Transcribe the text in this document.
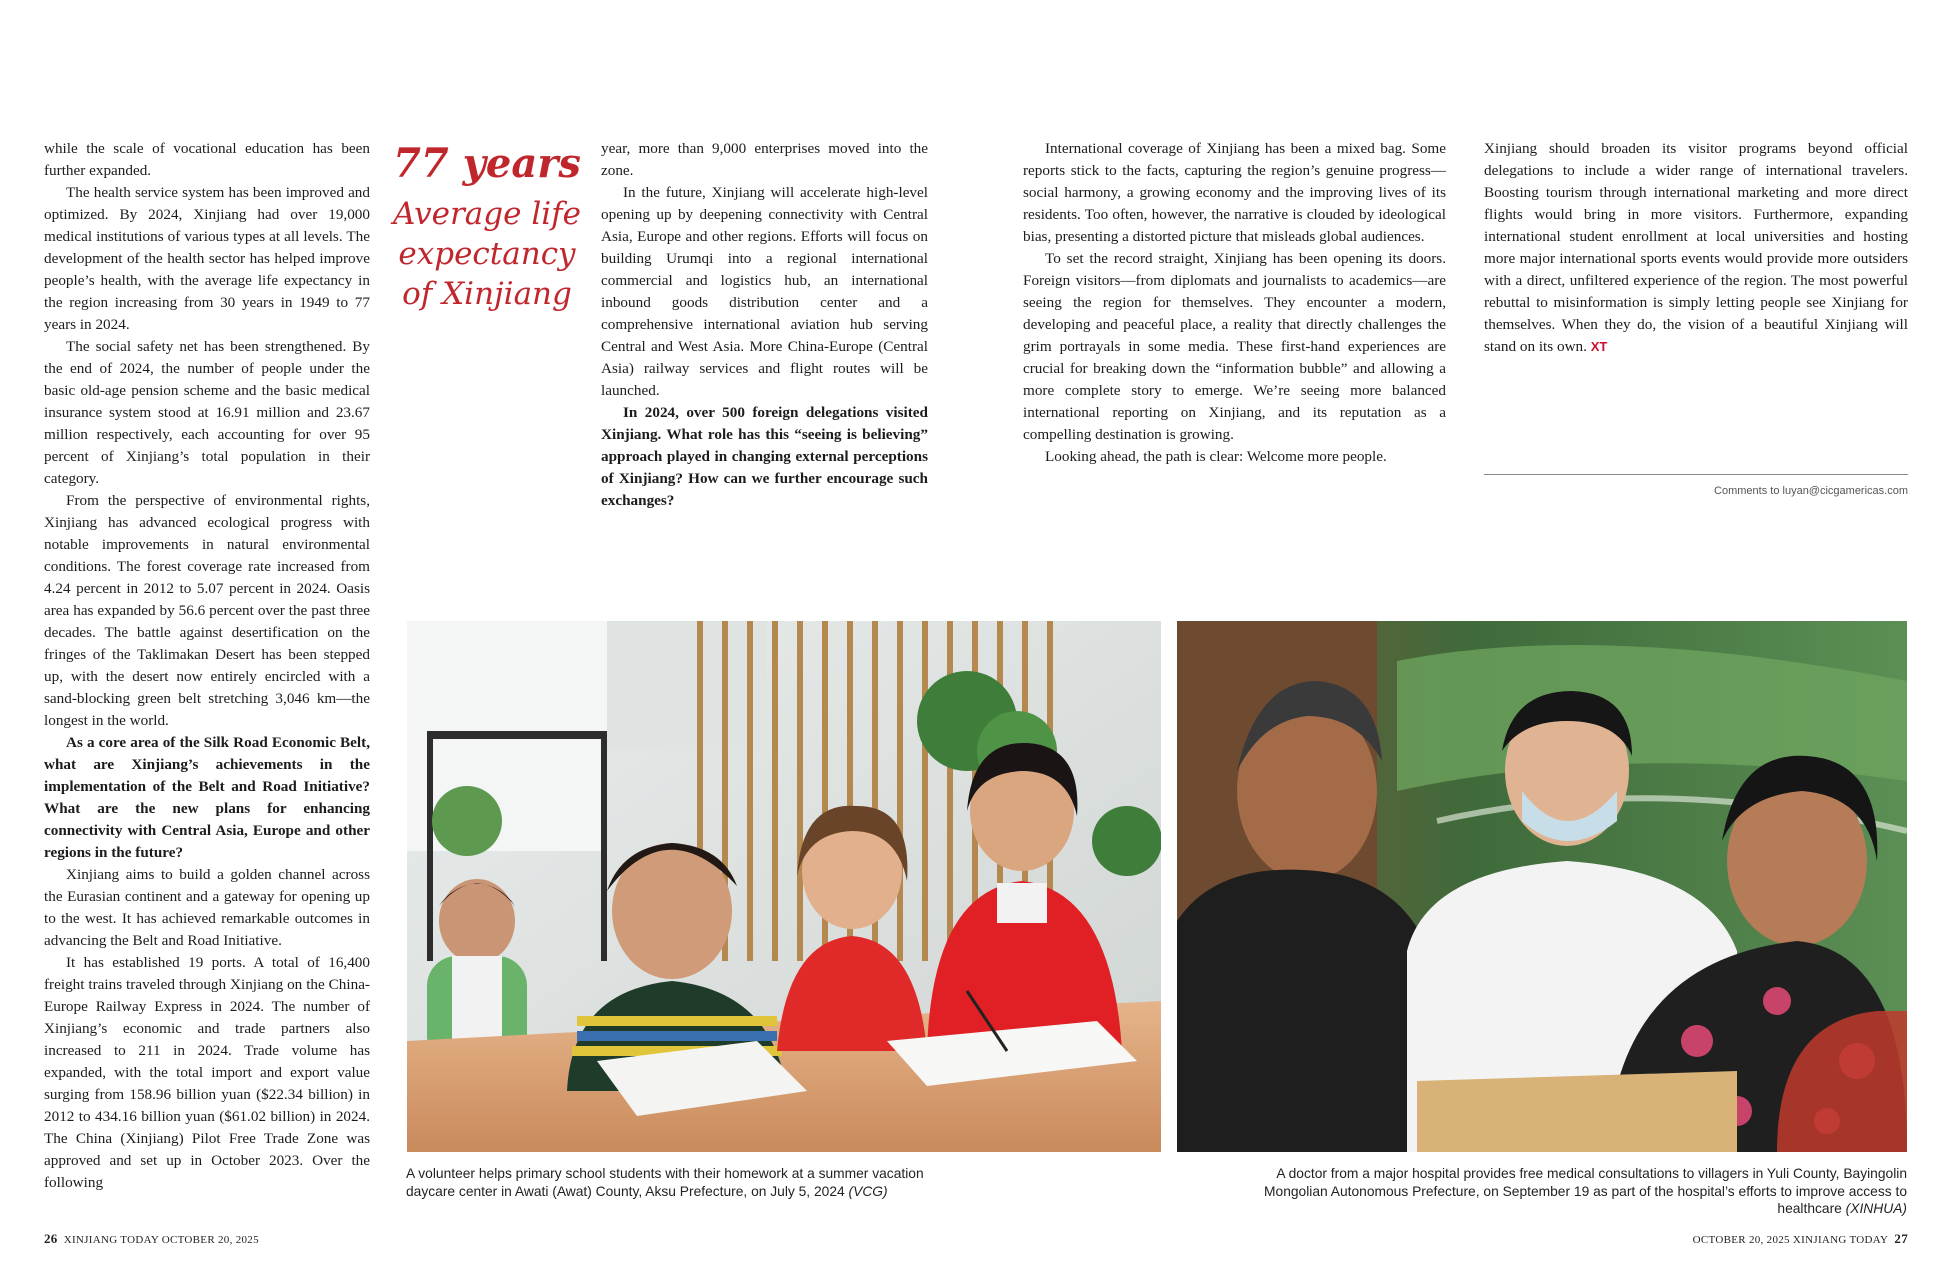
while the scale of vocational education has been further expanded.

The health service system has been improved and optimized. By 2024, Xinjiang had over 19,000 medical institutions of various types at all levels. The development of the health sector has helped improve people’s health, with the average life expectancy in the region increasing from 30 years in 1949 to 77 years in 2024.

The social safety net has been strengthened. By the end of 2024, the number of people under the basic old-age pension scheme and the basic medical insurance system stood at 16.91 million and 23.67 million respectively, each accounting for over 95 percent of Xinjiang’s total population in their category.

From the perspective of environmental rights, Xinjiang has advanced ecological progress with notable improvements in natural environmental conditions. The forest coverage rate increased from 4.24 percent in 2012 to 5.07 percent in 2024. Oasis area has expanded by 56.6 percent over the past three decades. The battle against desertification on the fringes of the Taklimakan Desert has been stepped up, with the desert now entirely encircled with a sand-blocking green belt stretching 3,046 km—the longest in the world.

As a core area of the Silk Road Economic Belt, what are Xinjiang’s achievements in the implementation of the Belt and Road Initiative? What are the new plans for enhancing connectivity with Central Asia, Europe and other regions in the future?

Xinjiang aims to build a golden channel across the Eurasian continent and a gateway for opening up to the west. It has achieved remarkable outcomes in advancing the Belt and Road Initiative.

It has established 19 ports. A total of 16,400 freight trains traveled through Xinjiang on the China-Europe Railway Express in 2024. The number of Xinjiang’s economic and trade partners also increased to 211 in 2024. Trade volume has expanded, with the total import and export value surging from 158.96 billion yuan ($22.34 billion) in 2012 to 434.16 billion yuan ($61.02 billion) in 2024. The China (Xinjiang) Pilot Free Trade Zone was approved and set up in October 2023. Over the following

77 years
Average life expectancy of Xinjiang

year, more than 9,000 enterprises moved into the zone.

In the future, Xinjiang will accelerate high-level opening up by deepening connectivity with Central Asia, Europe and other regions. Efforts will focus on building Urumqi into a regional international commercial and logistics hub, an international inbound goods distribution center and a comprehensive international aviation hub serving Central and West Asia. More China-Europe (Central Asia) railway services and flight routes will be launched.

In 2024, over 500 foreign delegations visited Xinjiang. What role has this “seeing is believing” approach played in changing external perceptions of Xinjiang? How can we further encourage such exchanges?

International coverage of Xinjiang has been a mixed bag. Some reports stick to the facts, capturing the region’s genuine progress—social harmony, a growing economy and the improving lives of its residents. Too often, however, the narrative is clouded by ideological bias, presenting a distorted picture that misleads global audiences.

To set the record straight, Xinjiang has been opening its doors. Foreign visitors—from diplomats and journalists to academics—are seeing the region for themselves. They encounter a modern, developing and peaceful place, a reality that directly challenges the grim portrayals in some media. These first-hand experiences are crucial for breaking down the “information bubble” and allowing a more complete story to emerge. We’re seeing more balanced international reporting on Xinjiang, and its reputation as a compelling destination is growing.

Looking ahead, the path is clear: Welcome more people.

Xinjiang should broaden its visitor programs beyond official delegations to include a wider range of international travelers. Boosting tourism through international marketing and more direct flights would bring in more visitors. Furthermore, expanding international student enrollment at local universities and hosting more major international sports events would provide more outsiders with a direct, unfiltered experience of the region. The most powerful rebuttal to misinformation is simply letting people see Xinjiang for themselves. When they do, the vision of a beautiful Xinjiang will stand on its own. XT

Comments to luyan@cicgamericas.com
A volunteer helps primary school students with their homework at a summer vacation daycare center in Awati (Awat) County, Aksu Prefecture, on July 5, 2024 (VCG)
A doctor from a major hospital provides free medical consultations to villagers in Yuli County, Bayingolin Mongolian Autonomous Prefecture, on September 19 as part of the hospital’s efforts to improve access to healthcare (XINHUA)
26 XINJIANG TODAY OCTOBER 20, 2025	OCTOBER 20, 2025 XINJIANG TODAY 27
